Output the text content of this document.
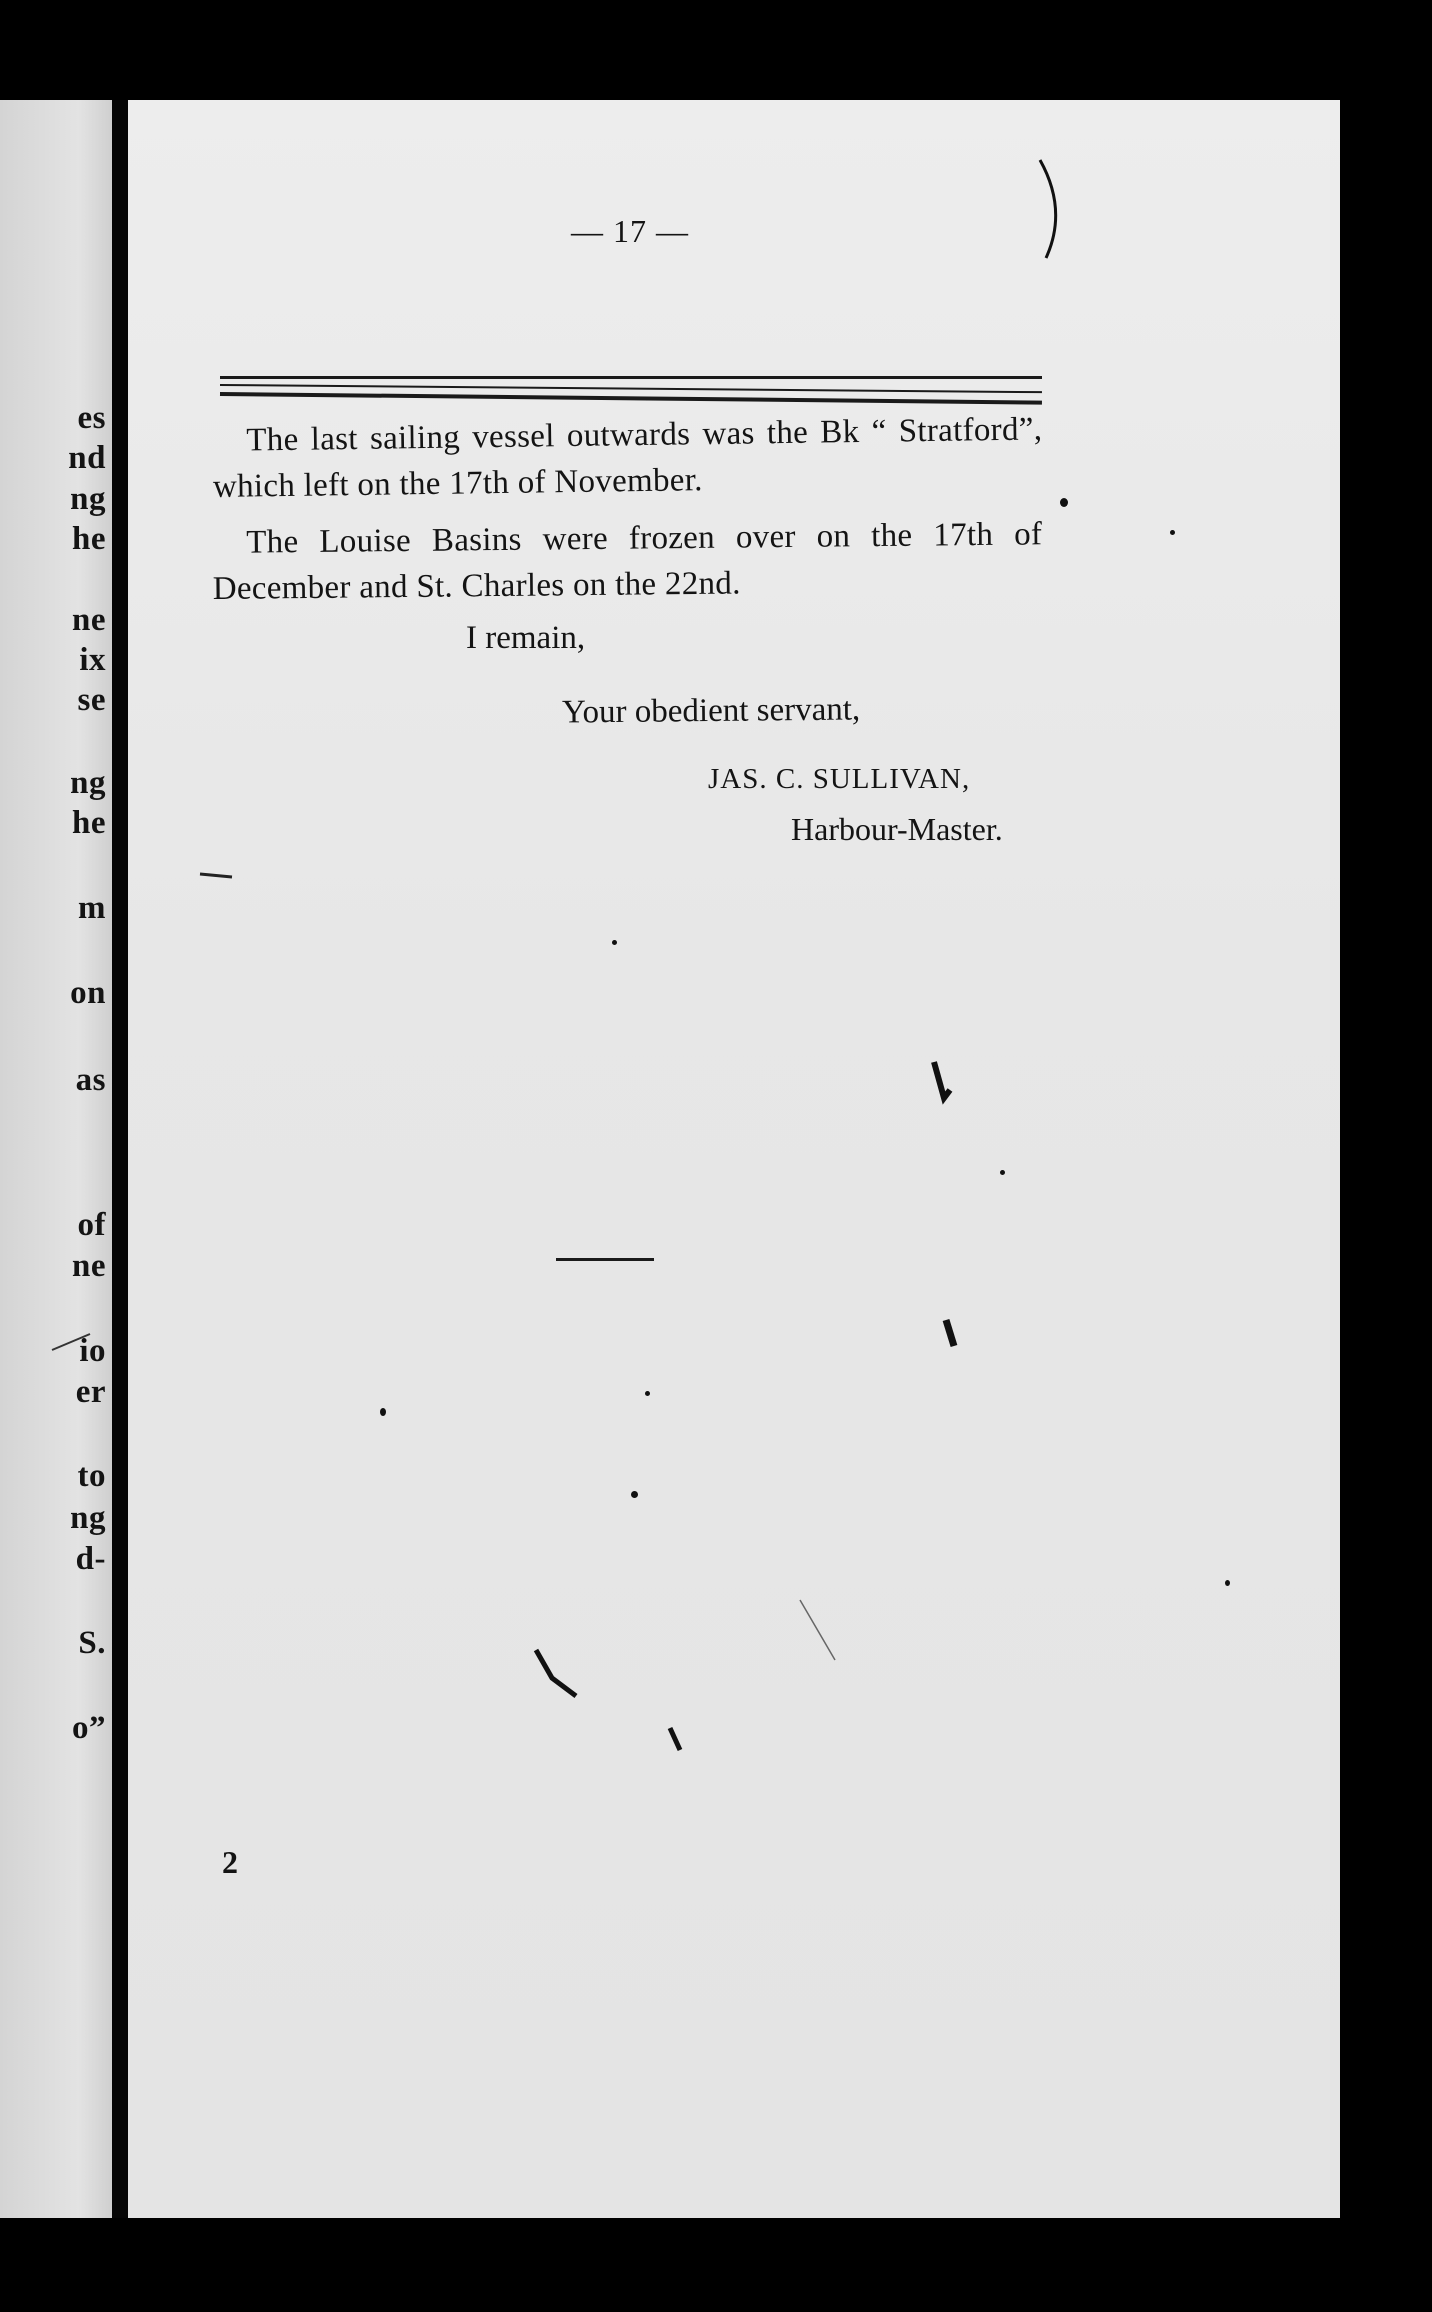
es
nd
ng
he
ne
ix
se
ng
he
m
on
as
of
ne
io
er
to
ng
d-
S.
o”
— 17 —
The last sailing vessel outwards was the Bk “ Stratford”, which left on the 17th of November.
The Louise Basins were frozen over on the 17th of December and St. Charles on the 22nd.
I remain,
Your obedient servant,
JAS. C. SULLIVAN,
Harbour-Master.
2
